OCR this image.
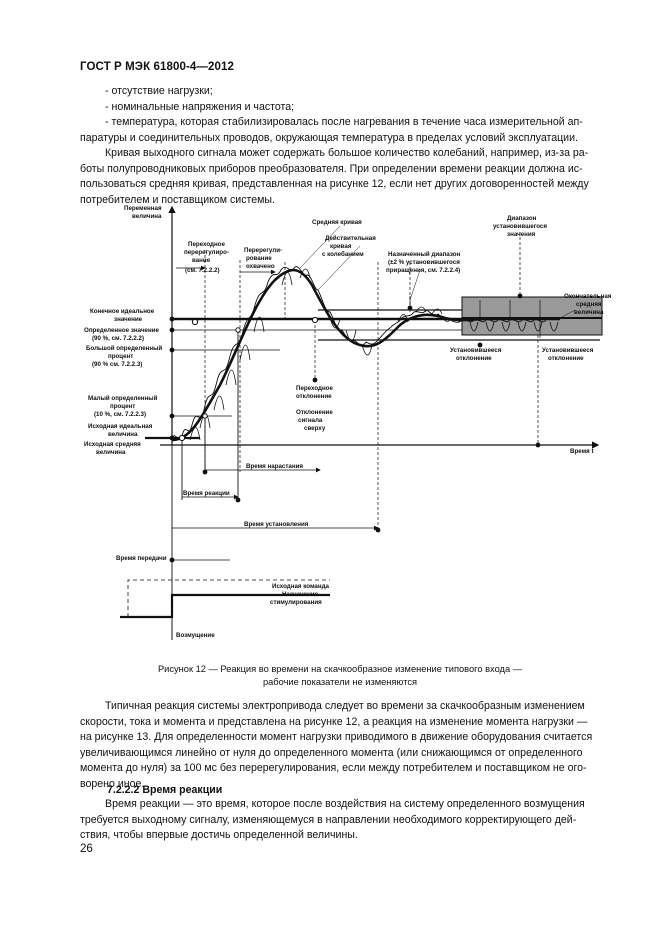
ГОСТ Р МЭК 61800-4—2012
- отсутствие нагрузки;
- номинальные напряжения и частота;
- температура, которая стабилизировалась после нагревания в течение часа измерительной ап-
паратуры и соединительных проводов, окружающая температура в пределах условий эксплуатации.
Кривая выходного сигнала может содержать большое количество колебаний, например, из-за ра-
боты полупроводниковых приборов преобразователя. При определении времени реакции должна ис-
пользоваться средняя кривая, представленная на рисунке 12, если нет других договоренностей между
потребителем и поставщиком системы.
Переменная
величина
Время t
Средняя кривая
Действительная
кривая
с колебанием
Переходное
перерегулиро-
вание
(см. 7.2.2.2)
Перерегули-
рование
охвачено
Назначенный диапазон
(±2 % установившегося
приращения, см. 7.2.2.4)
Диапазон
установившегося
значения
Окончательная
средняя
величина
Конечное идеальное
значение
Определенное значение
(90 %, см. 7.2.2.2)
Большой определенный
процент
(90 % см. 7.2.2.3)
Малый определенный
процент
(10 %, см. 7.2.2.3)
Исходная идеальная
величина
Исходная средняя
величина
Переходное
отклонение
Отклонение
сигнала
сверху
Установившееся
отклонение
Установившееся
отклонение
Время нарастания
Время реакции
Время установления
Время передачи
Исходная команда
Назначение
стимулирования
Возмущение
Рисунок 12 — Реакция во времени на скачкообразное изменение типового входа —
рабочие показатели не изменяются
Типичная реакция системы электропривода следует во времени за скачкообразным изменением
скорости, тока и момента и представлена на рисунке 12, а реакция на изменение момента нагрузки —
на рисунке 13. Для определенности момент нагрузки приводимого в движение оборудования считается
увеличивающимся линейно от нуля до определенного момента (или снижающимся от определенного
момента до нуля) за 100 мс без перерегулирования, если между потребителем и поставщиком не ого-
ворено иное.
7.2.2.2 Время реакции
Время реакции — это время, которое после воздействия на систему определенного возмущения
требуется выходному сигналу, изменяющемуся в направлении необходимого корректирующего дей-
ствия, чтобы впервые достичь определенной величины.
26
